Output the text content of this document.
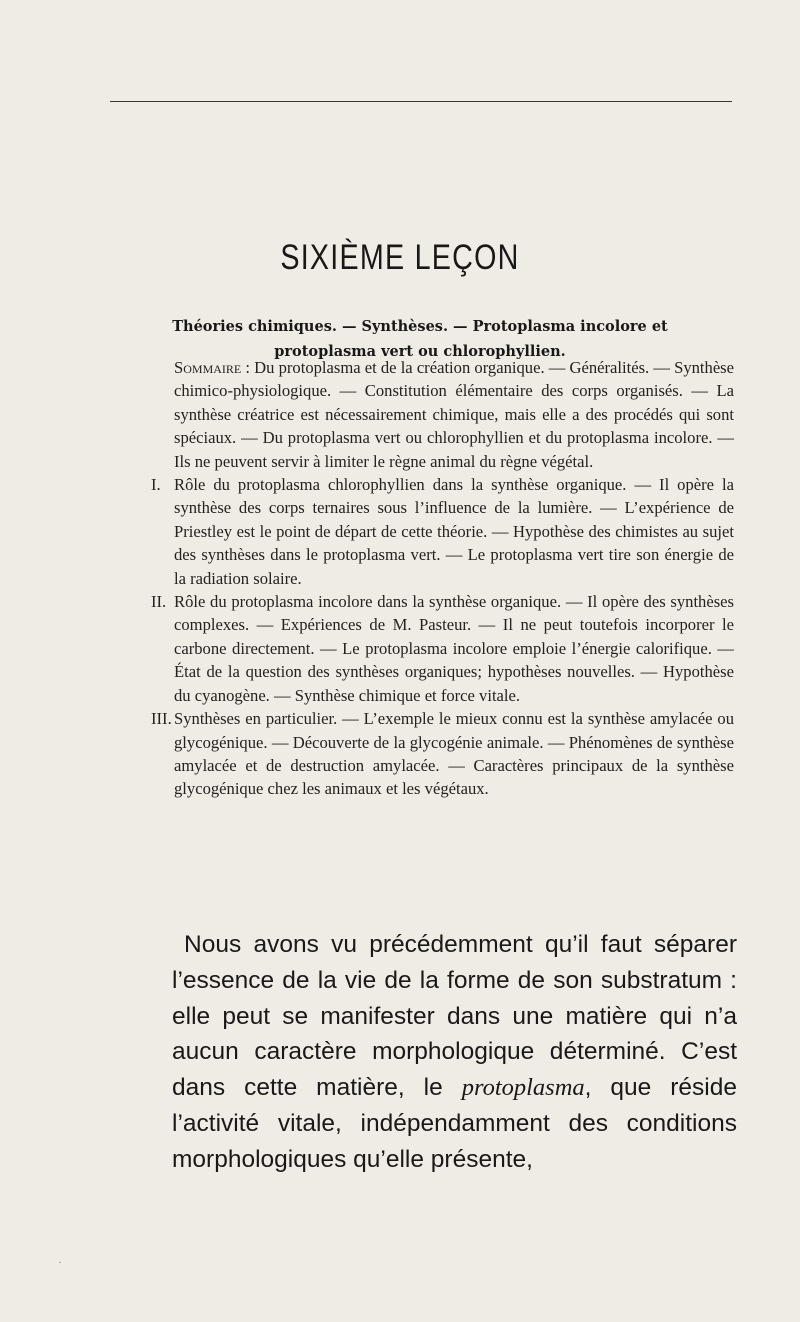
SIXIÈME LEÇON
Théories chimiques. — Synthèses. — Protoplasma incolore et protoplasma vert ou chlorophyllien.

Sommaire : Du protoplasma et de la création organique. — Généralités. — Synthèse chimico-physiologique. — Constitution élémentaire des corps organisés. — La synthèse créatrice est nécessairement chimique, mais elle a des procédés qui sont spéciaux. — Du protoplasma vert ou chlorophyllien et du protoplasma incolore. — Ils ne peuvent servir à limiter le règne animal du règne végétal.

I. Rôle du protoplasma chlorophyllien dans la synthèse organique. — Il opère la synthèse des corps ternaires sous l’influence de la lumière. — L’expérience de Priestley est le point de départ de cette théorie. — Hypothèse des chimistes au sujet des synthèses dans le protoplasma vert. — Le protoplasma vert tire son énergie de la radiation solaire.

II. Rôle du protoplasma incolore dans la synthèse organique. — Il opère des synthèses complexes. — Expériences de M. Pasteur. — Il ne peut toutefois incorporer le carbone directement. — Le protoplasma incolore emploie l’énergie calorifique. — État de la question des synthèses organiques; hypothèses nouvelles. — Hypothèse du cyanogène. — Synthèse chimique et force vitale.

III. Synthèses en particulier. — L’exemple le mieux connu est la synthèse amylacée ou glycogénique. — Découverte de la glycogénie animale. — Phénomènes de synthèse amylacée et de destruction amylacée. — Caractères principaux de la synthèse glycogénique chez les animaux et les végétaux.

Nous avons vu précédemment qu’il faut séparer l’essence de la vie de la forme de son substratum : elle peut se manifester dans une matière qui n’a aucun caractère morphologique déterminé. C’est dans cette matière, le protoplasma, que réside l’activité vitale, indépendamment des conditions morphologiques qu’elle présente,

·
